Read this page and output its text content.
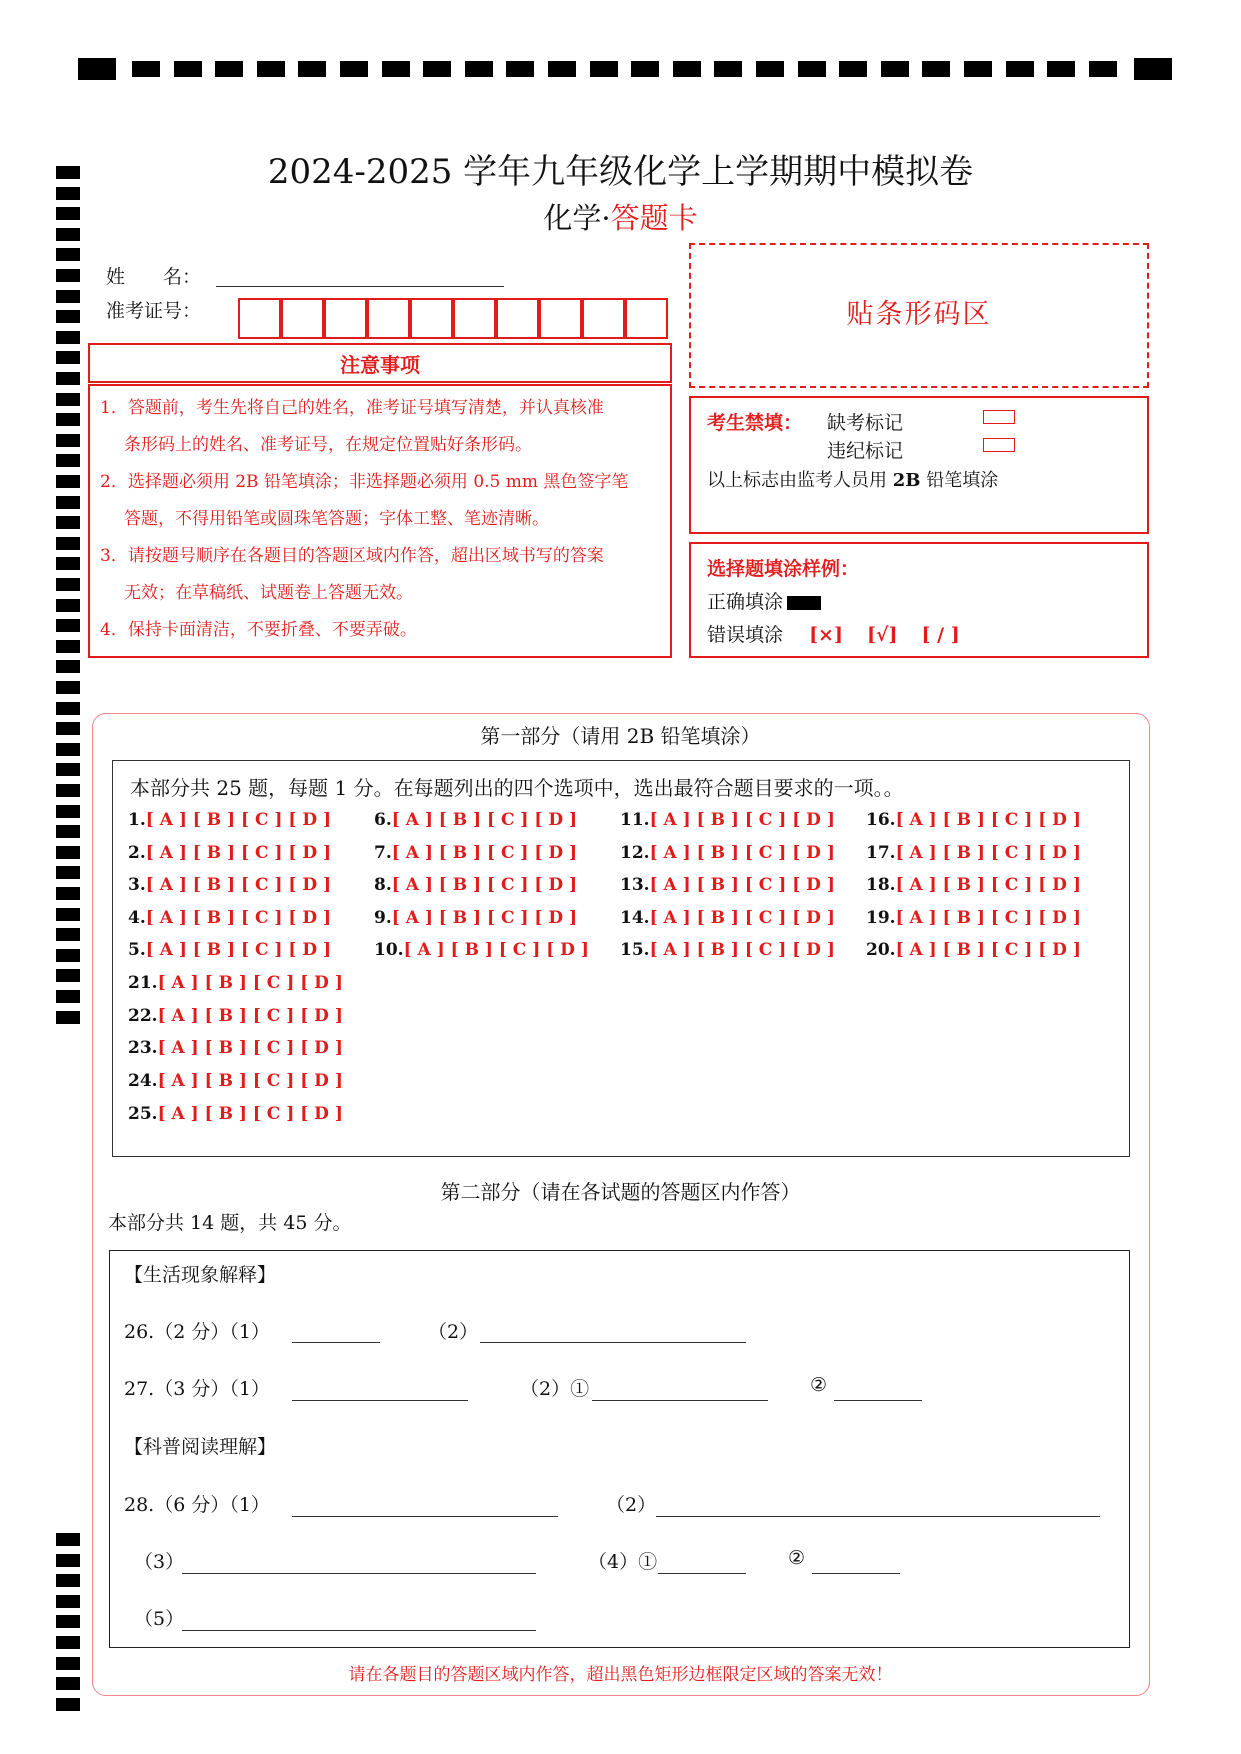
2024-2025 学年九年级化学上学期期中模拟卷
化学·答题卡
姓　　名：
准考证号：
注意事项

1．答题前，考生先将自己的姓名，准考证号填写清楚，并认真核准

条形码上的姓名、准考证号，在规定位置贴好条形码。

2．选择题必须用 2B 铅笔填涂；非选择题必须用 0.5 mm 黑色签字笔

答题，不得用铅笔或圆珠笔答题；字体工整、笔迹清晰。

3．请按题号顺序在各题目的答题区域内作答，超出区域书写的答案

无效；在草稿纸、试题卷上答题无效。

4．保持卡面清洁，不要折叠、不要弄破。

贴条形码区
考生禁填： 缺考标记
违纪标记
以上标志由监考人员用 2B 铅笔填涂
选择题填涂样例：
正确填涂
错误填涂 [×] [√] [ / ]
第一部分（请用 2B 铅笔填涂）
本部分共 25 题，每题 1 分。在每题列出的四个选项中，选出最符合题目要求的一项。。
1.[ A ] [ B ] [ C ] [ D ]
2.[ A ] [ B ] [ C ] [ D ]
3.[ A ] [ B ] [ C ] [ D ]
4.[ A ] [ B ] [ C ] [ D ]
5.[ A ] [ B ] [ C ] [ D ]
6.[ A ] [ B ] [ C ] [ D ]
7.[ A ] [ B ] [ C ] [ D ]
8.[ A ] [ B ] [ C ] [ D ]
9.[ A ] [ B ] [ C ] [ D ]
10.[ A ] [ B ] [ C ] [ D ]
11.[ A ] [ B ] [ C ] [ D ]
12.[ A ] [ B ] [ C ] [ D ]
13.[ A ] [ B ] [ C ] [ D ]
14.[ A ] [ B ] [ C ] [ D ]
15.[ A ] [ B ] [ C ] [ D ]
16.[ A ] [ B ] [ C ] [ D ]
17.[ A ] [ B ] [ C ] [ D ]
18.[ A ] [ B ] [ C ] [ D ]
19.[ A ] [ B ] [ C ] [ D ]
20.[ A ] [ B ] [ C ] [ D ]
21.[ A ] [ B ] [ C ] [ D ]
22.[ A ] [ B ] [ C ] [ D ]
23.[ A ] [ B ] [ C ] [ D ]
24.[ A ] [ B ] [ C ] [ D ]
25.[ A ] [ B ] [ C ] [ D ]
第二部分（请在各试题的答题区内作答）
本部分共 14 题，共 45 分。
【生活现象解释】
26.（2 分）（1）	（2）
27.（3 分）（1）	（2）①	②
【科普阅读理解】
28.（6 分）（1）	（2）
（3）	（4）①	②
（5）
请在各题目的答题区域内作答，超出黑色矩形边框限定区域的答案无效！
